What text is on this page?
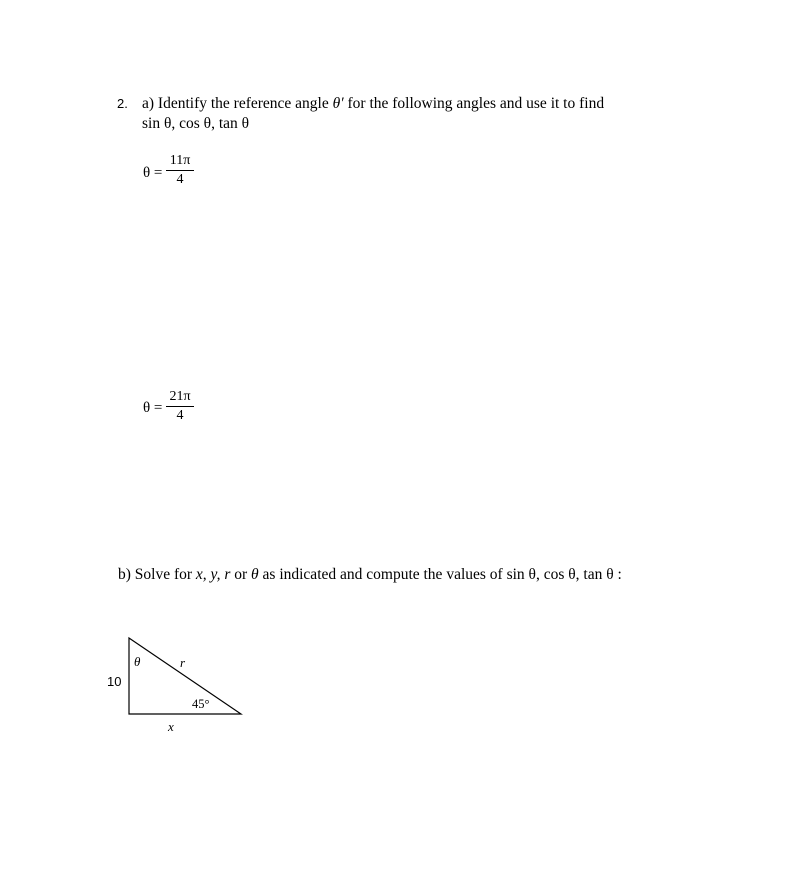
2. a) Identify the reference angle θ′ for the following angles and use it to find
sin θ, cos θ, tan θ
θ =
11π
4
θ =
21π
4
b) Solve for x, y, r or θ as indicated and compute the values of sin θ, cos θ, tan θ :
θ	r
10
45°
x
